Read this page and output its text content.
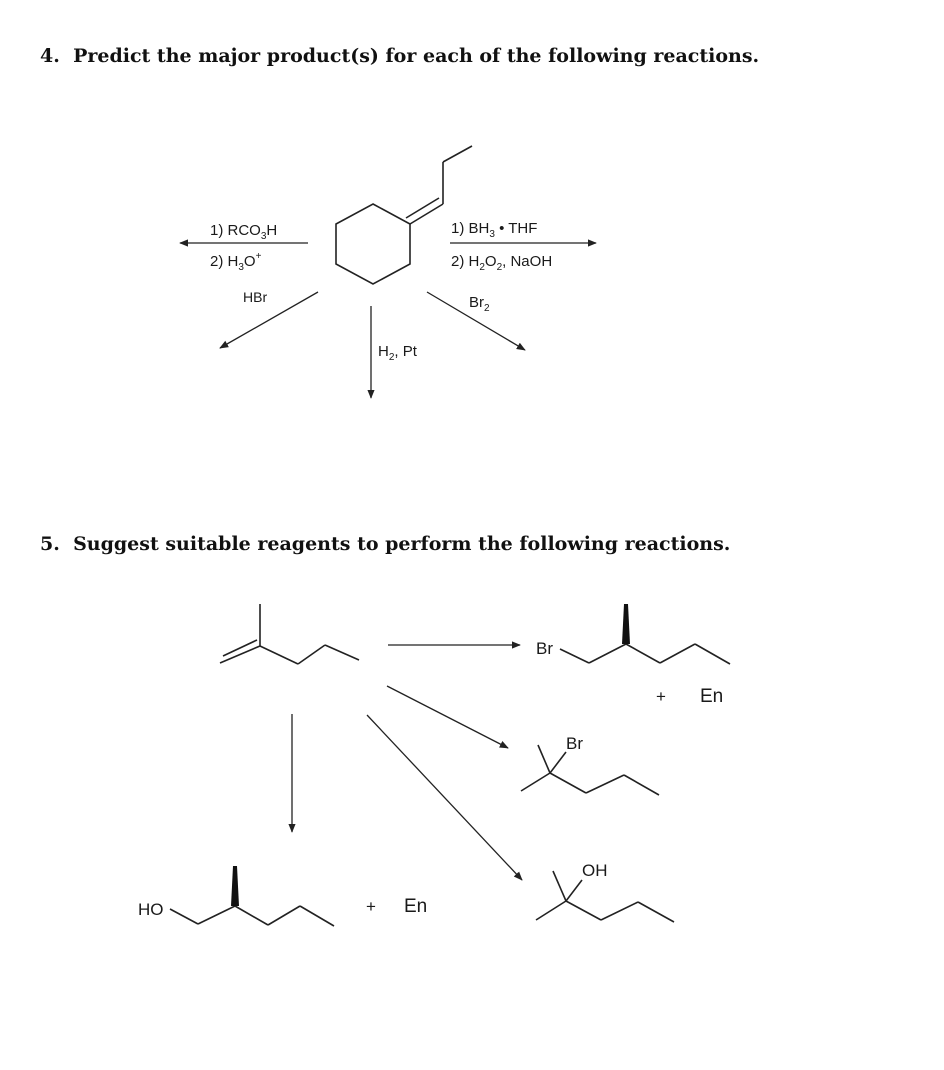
4. Predict the major product(s) for each of the following reactions.
5. Suggest suitable reagents to perform the following reactions.
1) $RCO_3H$
2) $H_3O^+$
1) $BH_3$ • THF
2) $H_2O_2$, NaOH
HBr	$Br_2$
$H_2$, Pt
Br
+ En
Br
OH
HO	+ En
